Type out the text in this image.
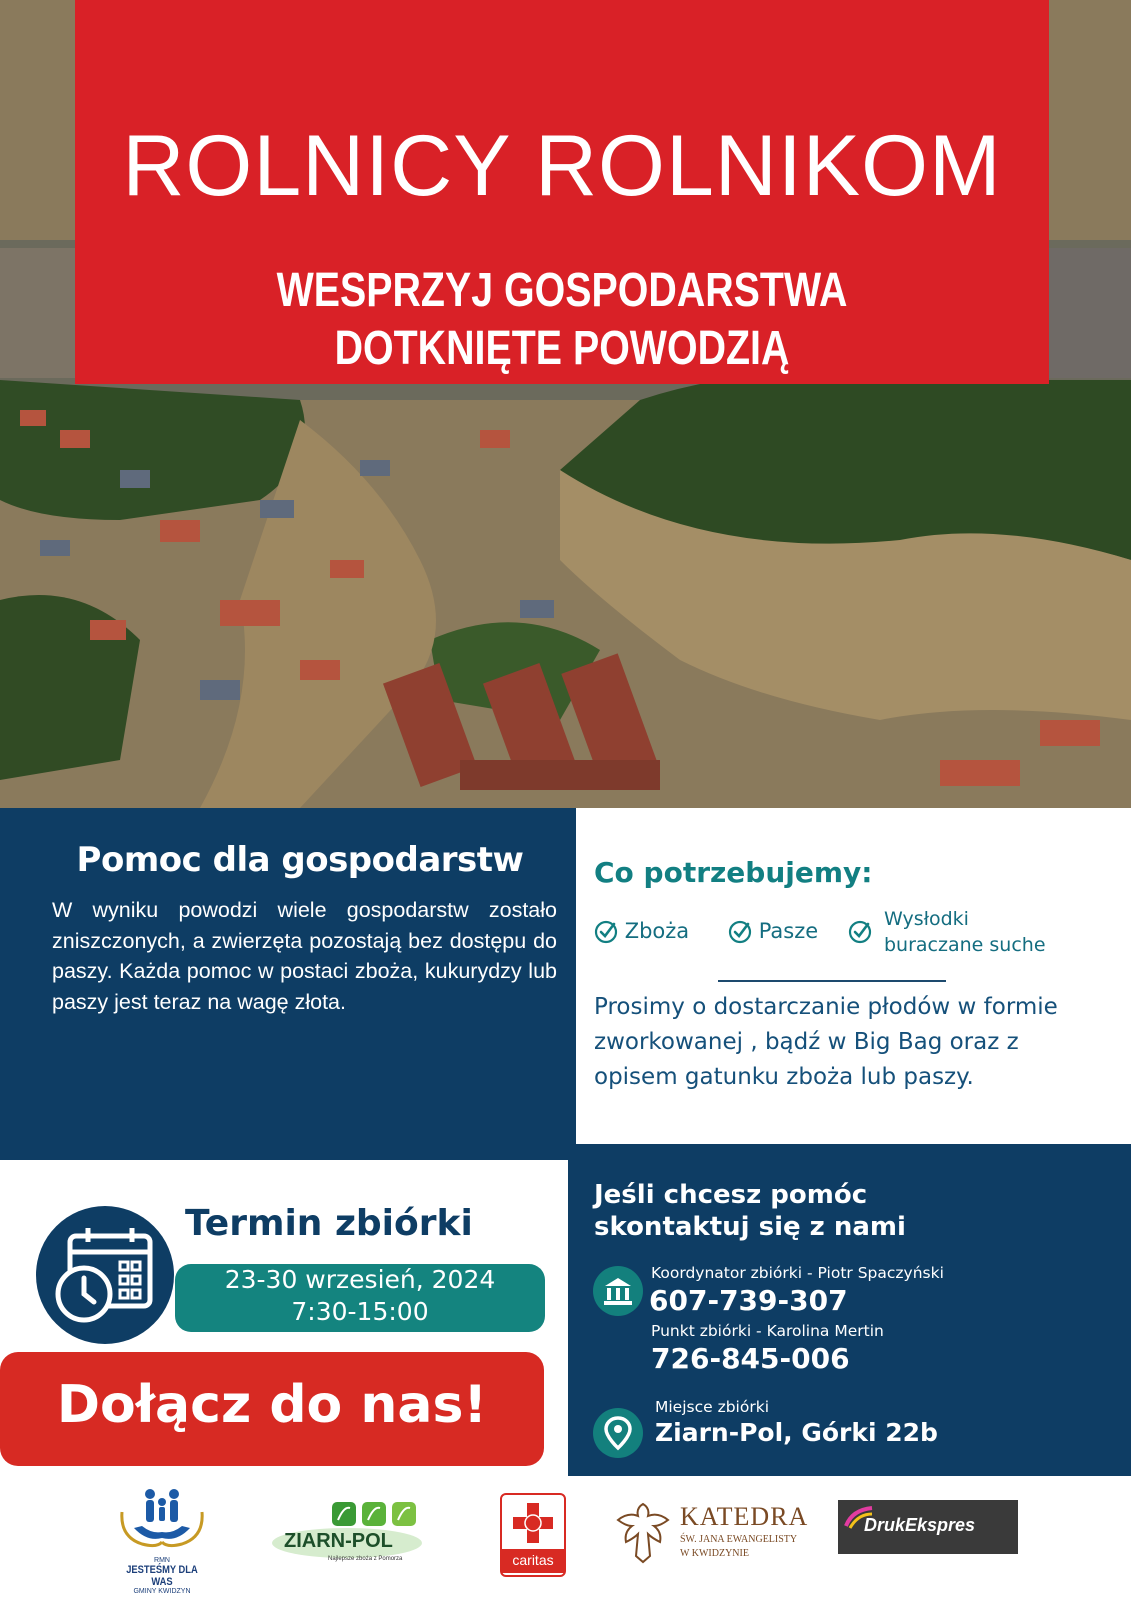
ROLNICY ROLNIKOM
WESPRZYJ GOSPODARSTWA DOTKNIĘTE POWODZIĄ
Pomoc dla gospodarstw
W wyniku powodzi wiele gospodarstw zostało zniszczonych, a zwierzęta pozostają bez dostępu do paszy. Każda pomoc w postaci zboża, kukurydzy lub paszy jest teraz na wagę złota.
Co potrzebujemy:
Zboża	Pasze	Wysłodki
buraczane suche
Prosimy o dostarczanie płodów w formie zworkowanej , bądź w Big Bag oraz z opisem gatunku zboża lub paszy.
23-30 wrzesień, 2024
7:30-15:00
Termin zbiórki
Dołącz do nas!
Jeśli chcesz pomóc
skontaktuj się z nami
Koordynator zbiórki - Piotr Spaczyński
607-739-307
Punkt zbiórki - Karolina Mertin
726-845-006
Miejsce zbiórki
Ziarn-Pol, Górki 22b
RMN
JESTEŚMY DLA WAS
GMINY KWIDZYN
ZIARN-POL
Najlepsze zboża z Pomorza	caritas
KATEDRA
ŚW. JANA EWANGELISTY
W KWIDZYNIE
DrukEkspres
